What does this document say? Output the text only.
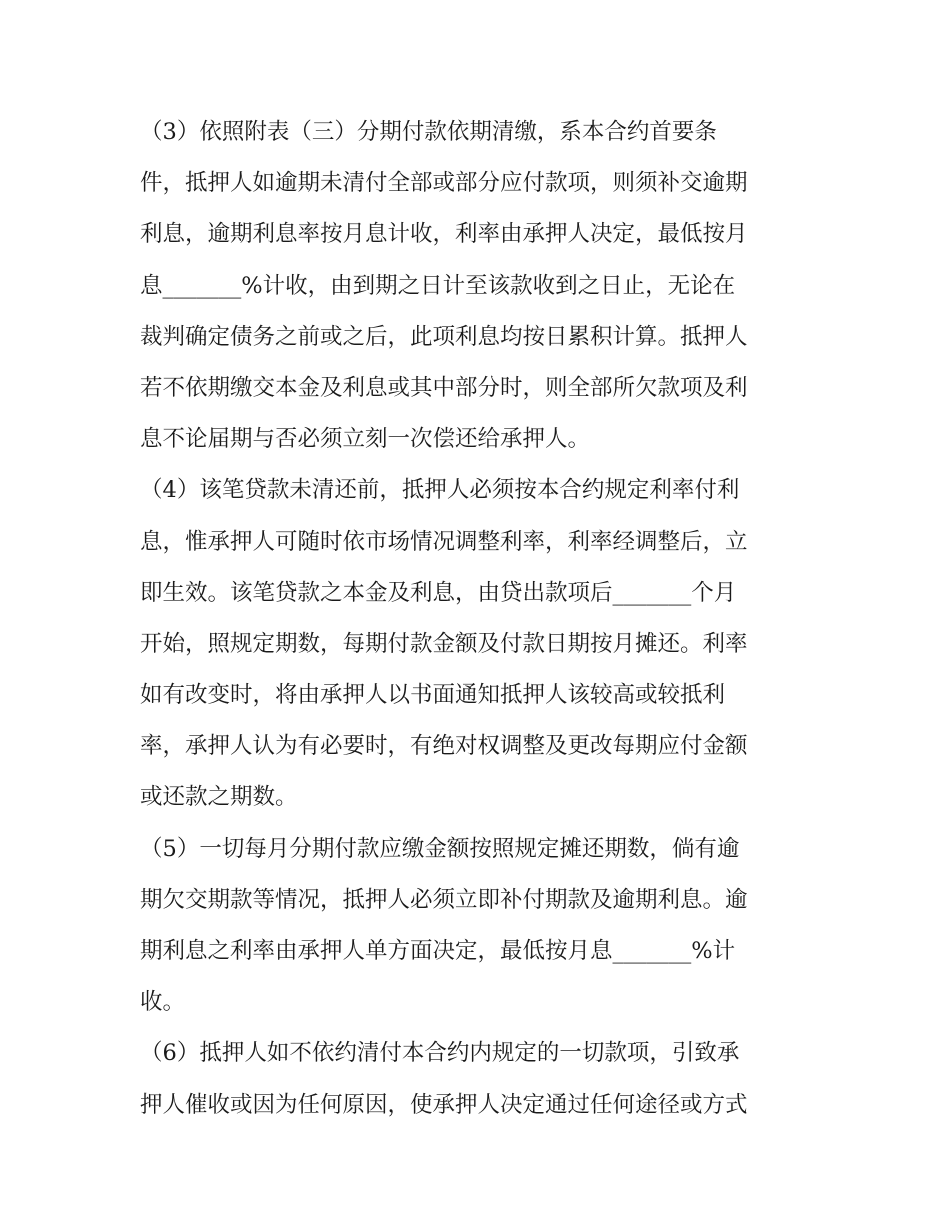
（3）依照附表（三）分期付款依期清缴，系本合约首要条
件，抵押人如逾期未清付全部或部分应付款项，则须补交逾期
利息，逾期利息率按月息计收，利率由承押人决定，最低按月
息_______%计收，由到期之日计至该款收到之日止，无论在
裁判确定债务之前或之后，此项利息均按日累积计算。抵押人
若不依期缴交本金及利息或其中部分时，则全部所欠款项及利
息不论届期与否必须立刻一次偿还给承押人。
（4）该笔贷款未清还前，抵押人必须按本合约规定利率付利
息，惟承押人可随时依市场情况调整利率，利率经调整后，立
即生效。该笔贷款之本金及利息，由贷出款项后_______个月
开始，照规定期数，每期付款金额及付款日期按月摊还。利率
如有改变时，将由承押人以书面通知抵押人该较高或较抵利
率，承押人认为有必要时，有绝对权调整及更改每期应付金额
或还款之期数。
（5）一切每月分期付款应缴金额按照规定摊还期数，倘有逾
期欠交期款等情况，抵押人必须立即补付期款及逾期利息。逾
期利息之利率由承押人单方面决定，最低按月息_______%计
收。
（6）抵押人如不依约清付本合约内规定的一切款项，引致承
押人催收或因为任何原因，使承押人决定通过任何途径或方式
